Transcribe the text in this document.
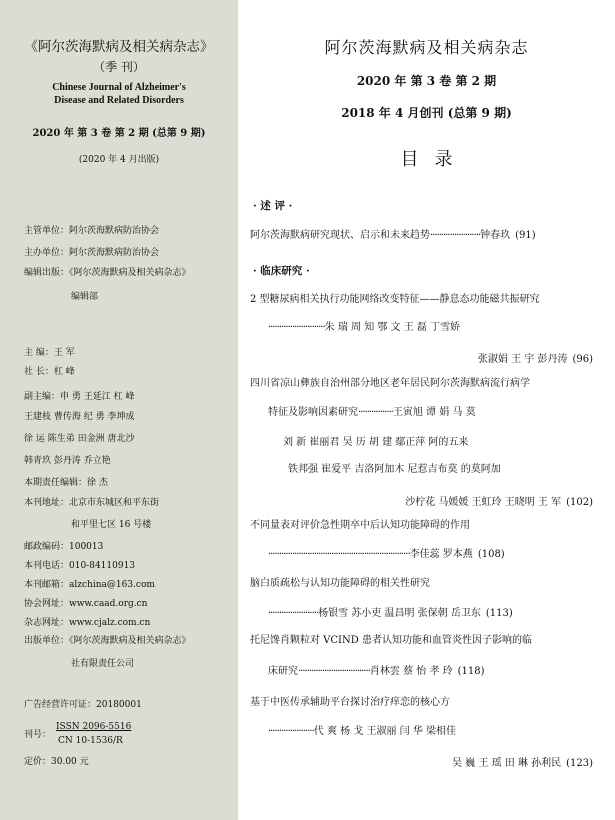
《阿尔茨海默病及相关病杂志》
（季 刊）
Chinese Journal of Alzheimer's
Disease and Related Disorders
2020 年 第 3 卷 第 2 期 (总第 9 期)
(2020 年 4 月出版)
主管单位：阿尔茨海默病防治协会
主办单位：阿尔茨海默病防治协会
编辑出版：《阿尔茨海默病及相关病杂志》
编辑部
主 编：王 军
社 长：杠 峰
副主编：申 勇 王延江 杠 峰
王建枝 曹传海 纪 勇 李坤成
徐 运 陈生弟 田金洲 唐北沙
韩青玖 彭丹涛 乔立艳
本期责任编辑：徐 杰
本刊地址：北京市东城区和平东街
和平里七区 16 号楼
邮政编码：100013
本刊电话：010-84110913
本刊邮箱：alzchina@163.com
协会网址：www.caad.org.cn
杂志网址：www.cjalz.com.cn
出版单位：《阿尔茨海默病及相关病杂志》
社有限责任公司
广告经营许可证：20180001
刊号：
ISSN 2096-5516
CN 10-1536/R
定价：30.00 元
阿尔茨海默病及相关病杂志
2020 年 第 3 卷 第 2 期
2018 年 4 月创刊 (总第 9 期)
目录
· 述 评 ·
阿尔茨海默病研究现状、启示和未来趋势·······················钟春玖 (91)
· 临床研究 ·
2 型糖尿病相关执行功能网络改变特征——静息态功能磁共振研究
··························朱 瑞 周 知 鄂 文 王 磊 丁雪娇
张淑娟 王 宇 彭丹涛 (96)
四川省凉山彝族自治州部分地区老年居民阿尔茨海默病流行病学
特征及影响因素研究················王寅旭 谭 娟 马 莫
刘 新 崔丽君 吴 历 胡 建 鄢正萍 阿的五来
铁邦强 崔爱平 吉洛阿加木 尼惹吉布莫 的莫阿加
沙柠花 马媛媛 王虹玲 王晓明 王 军 (102)
不同量表对评价急性期卒中后认知功能障碍的作用
·································································李佳蕊 罗本燕 (108)
脑白质疏松与认知功能障碍的相关性研究
·······················杨银雪 苏小吏 温昌明 张保朝 岳卫东 (113)
托尼馋肖颗粒对 VCIND 患者认知功能和血管炎性因子影响的临
床研究·································肖林雲 蔡 怡 孝 玲 (118)
基于中医传承辅助平台探讨治疗痒恋的核心方
·····················代 爽 杨 戈 王淑丽 闫 华 梁相佳
吴 巍 王 瑶 田 琳 孙利民 (123)
